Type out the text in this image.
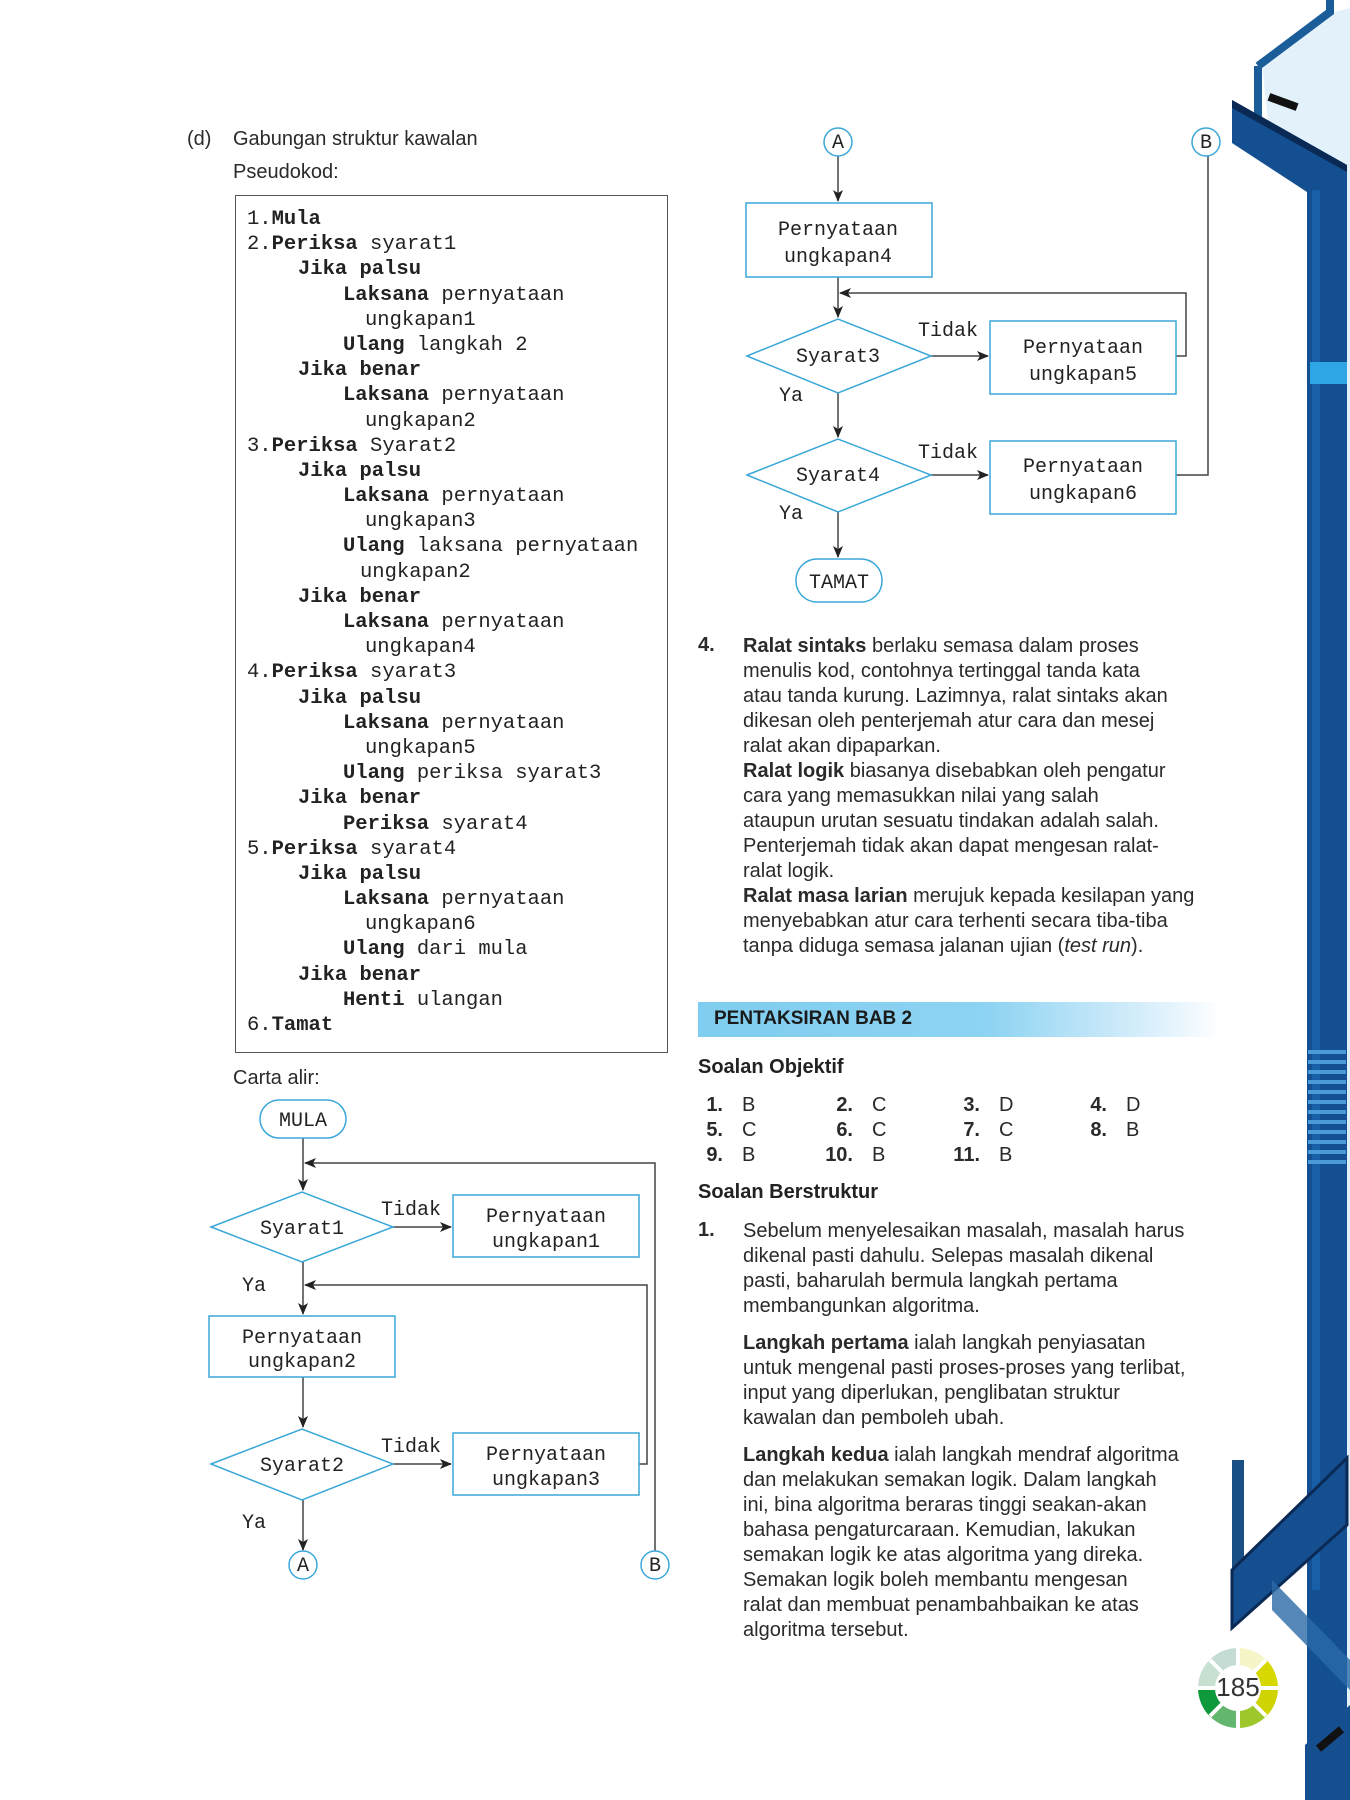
(d) Gabungan struktur kawalan
Pseudokod:
1.Mula
2.Periksa syarat1
Jika palsu
Laksana pernyataan
ungkapan1
Ulang langkah 2
Jika benar
Laksana pernyataan
ungkapan2
3.Periksa Syarat2
Jika palsu
Laksana pernyataan
ungkapan3
Ulang laksana pernyataan
ungkapan2
Jika benar
Laksana pernyataan
ungkapan4
4.Periksa syarat3
Jika palsu
Laksana pernyataan
ungkapan5
Ulang periksa syarat3
Jika benar
Periksa syarat4
5.Periksa syarat4
Jika palsu
Laksana pernyataan
ungkapan6
Ulang dari mula
Jika benar
Henti ulangan
6.Tamat
Carta alir:
MULA
Syarat1
Pernyataan
ungkapan1
Pernyataan
ungkapan2
Syarat2	Pernyataan
ungkapan3
A	B
Tidak
Tidak
Ya
Ya
A	B
Pernyataan
ungkapan4
Syarat3	Pernyataan
ungkapan5
Syarat4	Pernyataan
ungkapan6
TAMAT
Tidak
Tidak
Ya
Ya
4. Ralat sintaks berlaku semasa dalam proses
menulis kod, contohnya tertinggal tanda kata
atau tanda kurung. Lazimnya, ralat sintaks akan
dikesan oleh penterjemah atur cara dan mesej
ralat akan dipaparkan.
Ralat logik biasanya disebabkan oleh pengatur
cara yang memasukkan nilai yang salah
ataupun urutan sesuatu tindakan adalah salah.
Penterjemah tidak akan dapat mengesan ralat-
ralat logik.
Ralat masa larian merujuk kepada kesilapan yang
menyebabkan atur cara terhenti secara tiba-tiba
tanpa diduga semasa jalanan ujian (test run).
PENTAKSIRAN BAB 2
Soalan Objektif
1. B	2. C	3. D	4. D
5. C	6. C	7. C	8. B
9. B	10. B	11. B
Soalan Berstruktur
1. Sebelum menyelesaikan masalah, masalah harus
dikenal pasti dahulu. Selepas masalah dikenal
pasti, baharulah bermula langkah pertama
membangunkan algoritma.
Langkah pertama ialah langkah penyiasatan
untuk mengenal pasti proses-proses yang terlibat,
input yang diperlukan, penglibatan struktur
kawalan dan pemboleh ubah.
Langkah kedua ialah langkah mendraf algoritma
dan melakukan semakan logik. Dalam langkah
ini, bina algoritma beraras tinggi seakan-akan
bahasa pengaturcaraan. Kemudian, lakukan
semakan logik ke atas algoritma yang direka.
Semakan logik boleh membantu mengesan
ralat dan membuat penambahbaikan ke atas
algoritma tersebut.
185
